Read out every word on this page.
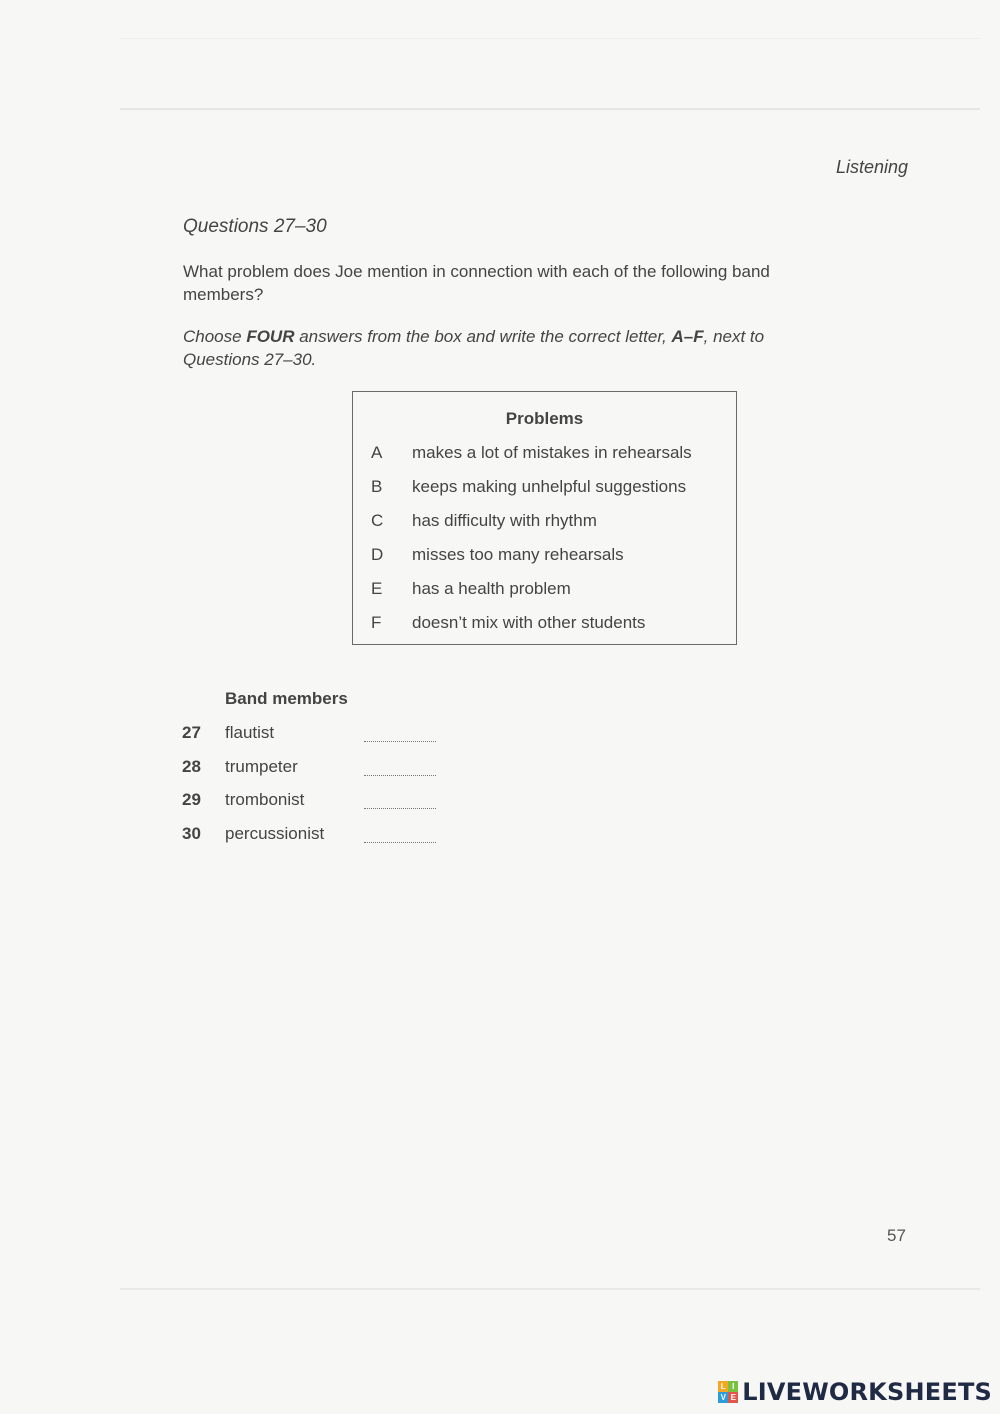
Listening
Questions 27–30
What problem does Joe mention in connection with each of the following band members?
Choose FOUR answers from the box and write the correct letter, A–F, next to Questions 27–30.
Problems
A	makes a lot of mistakes in rehearsals
B	keeps making unhelpful suggestions
C	has difficulty with rhythm
D	misses too many rehearsals
E	has a health problem
F	doesn’t mix with other students
Band members
27 flautist
28 trumpeter
29 trombonist
30 percussionist
57
L I
V E LIVEWORKSHEETS
